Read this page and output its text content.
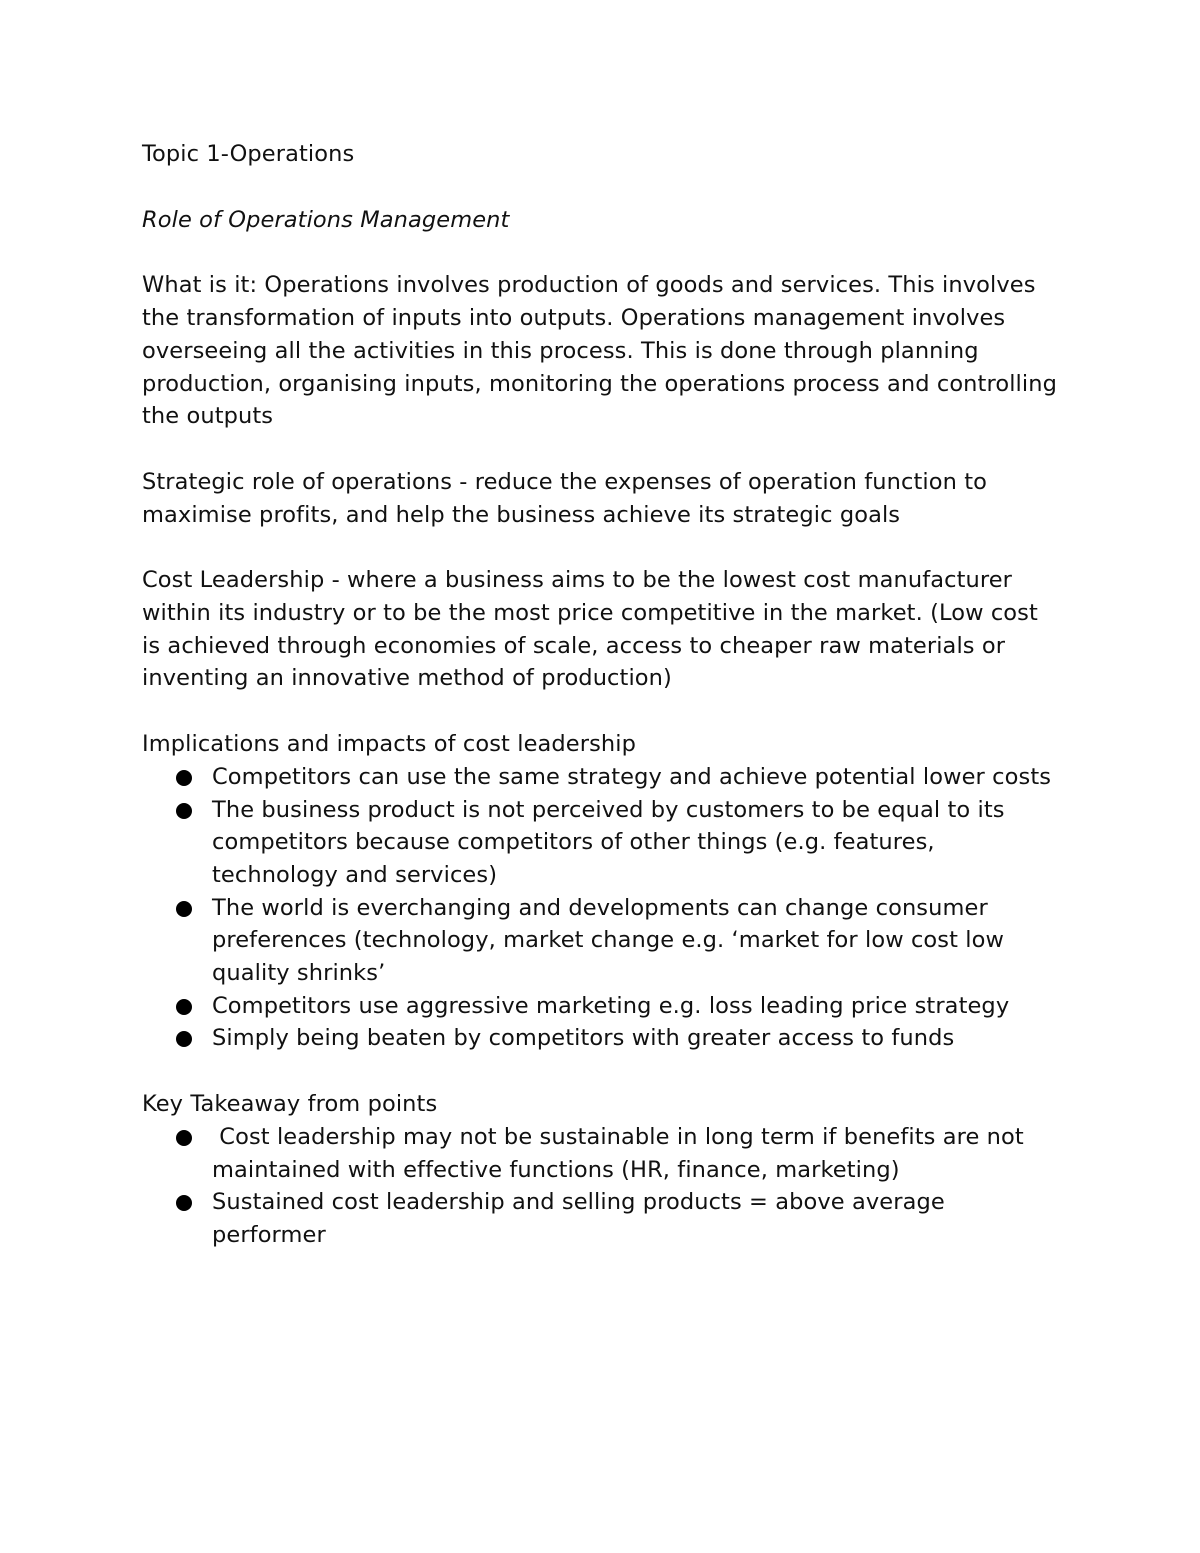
Topic 1-Operations

Role of Operations Management

What is it: Operations involves production of goods and services. This involves the transformation of inputs into outputs. Operations management involves overseeing all the activities in this process. This is done through planning production, organising inputs, monitoring the operations process and controlling the outputs

Strategic role of operations - reduce the expenses of operation function to maximise profits, and help the business achieve its strategic goals

Cost Leadership - where a business aims to be the lowest cost manufacturer within its industry or to be the most price competitive in the market. (Low cost is achieved through economies of scale, access to cheaper raw materials or inventing an innovative method of production)

Implications and impacts of cost leadership

Competitors can use the same strategy and achieve potential lower costs
The business product is not perceived by customers to be equal to its competitors because competitors of other things (e.g. features, technology and services)
The world is everchanging and developments can change consumer preferences (technology, market change e.g. ‘market for low cost low quality shrinks’
Competitors use aggressive marketing e.g. loss leading price strategy
Simply being beaten by competitors with greater access to funds

Key Takeaway from points

Cost leadership may not be sustainable in long term if benefits are not maintained with effective functions (HR, finance, marketing)
Sustained cost leadership and selling products = above average performer
